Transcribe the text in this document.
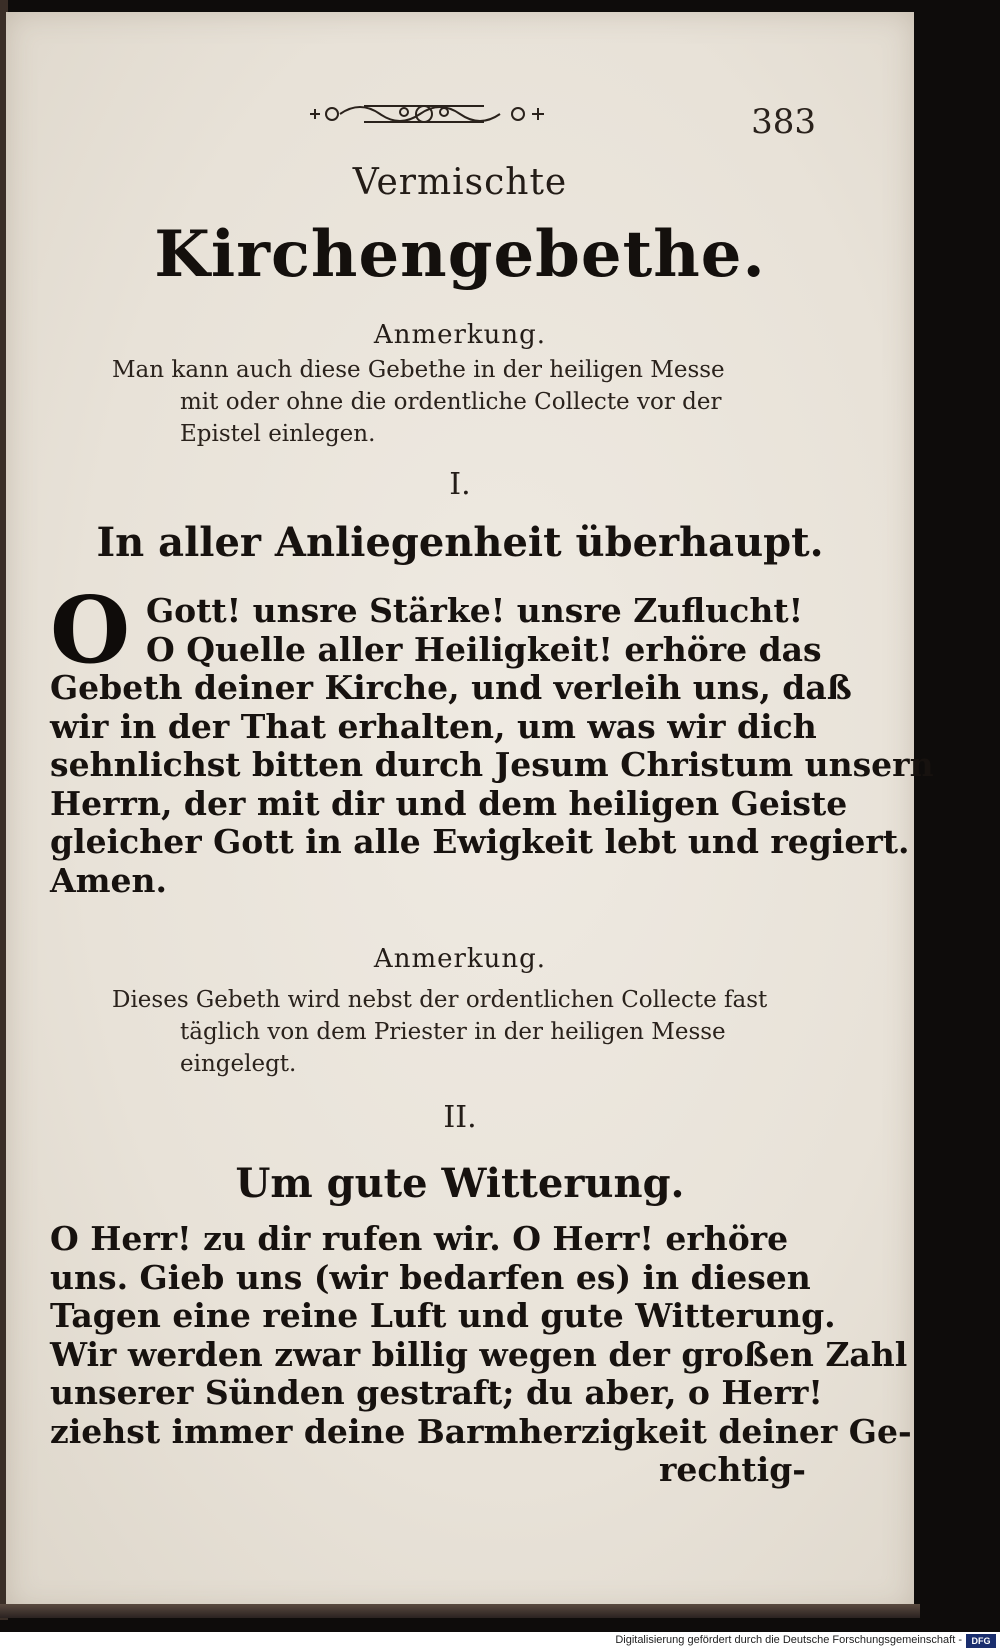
383
Vermischte
Kirchengebethe.
Anmerkung.
Man kann auch diese Gebethe in der heiligen Messe
mit oder ohne die ordentliche Collecte vor der
Epistel einlegen.
I.
In aller Anliegenheit überhaupt.
O Gott! unsre Stärke! unsre Zuflucht!
O Quelle aller Heiligkeit! erhöre das
Gebeth deiner Kirche, und verleih uns, daß
wir in der That erhalten, um was wir dich
sehnlichst bitten durch Jesum Christum unsern
Herrn, der mit dir und dem heiligen Geiste
gleicher Gott in alle Ewigkeit lebt und regiert.
Amen.
Anmerkung.
Dieses Gebeth wird nebst der ordentlichen Collecte fast
täglich von dem Priester in der heiligen Messe
eingelegt.
II.
Um gute Witterung.
O Herr! zu dir rufen wir. O Herr! erhöre
uns. Gieb uns (wir bedarfen es) in diesen
Tagen eine reine Luft und gute Witterung.
Wir werden zwar billig wegen der großen Zahl
unserer Sünden gestraft; du aber, o Herr!
ziehst immer deine Barmherzigkeit deiner Ge-
rechtig-
Digitalisierung gefördert durch die Deutsche Forschungsgemeinschaft -	DFG
